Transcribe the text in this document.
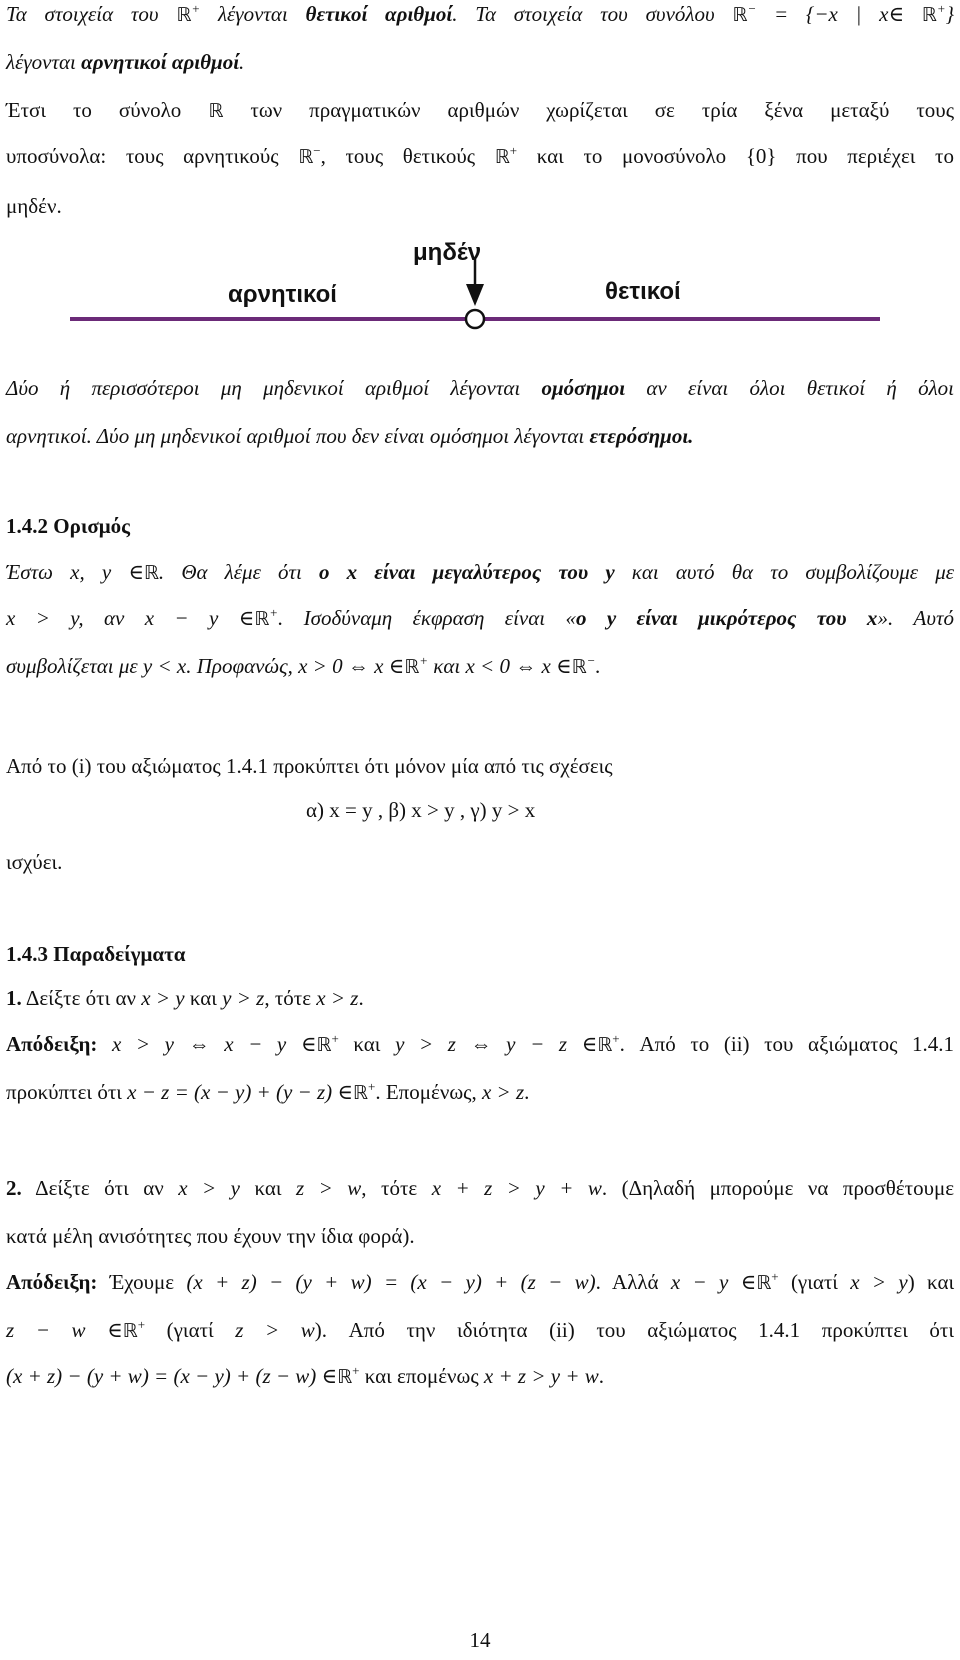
Τα στοιχεία του ℝ+ λέγονται θετικοί αριθμοί. Τα στοιχεία του συνόλου ℝ− = {−x | x∈ ℝ+}
λέγονται αρνητικοί αριθμοί.
Έτσι το σύνολο ℝ των πραγματικών αριθμών χωρίζεται σε τρία ξένα μεταξύ τους
υποσύνολα: τους αρνητικούς ℝ−, τους θετικούς ℝ+ και το μονοσύνολο {0} που περιέχει το
μηδέν.
μηδέν
αρνητικοί	θετικοί
Δύο ή περισσότεροι μη μηδενικοί αριθμοί λέγονται ομόσημοι αν είναι όλοι θετικοί ή όλοι
αρνητικοί. Δύο μη μηδενικοί αριθμοί που δεν είναι ομόσημοι λέγονται ετερόσημοι.
1.4.2 Ορισμός
Έστω x, y ∈ℝ. Θα λέμε ότι ο x είναι μεγαλύτερος του y και αυτό θα το συμβολίζουμε με
x > y, αν x − y ∈ℝ+. Ισοδύναμη έκφραση είναι «ο y είναι μικρότερος του x». Αυτό
συμβολίζεται με y < x. Προφανώς, x > 0 ⇔ x ∈ℝ+ και x < 0 ⇔ x ∈ℝ−.
Από το (i) του αξιώματος 1.4.1 προκύπτει ότι μόνον μία από τις σχέσεις
α) x = y , β) x > y , γ) y > x
ισχύει.
1.4.3 Παραδείγματα
1. Δείξτε ότι αν x > y και y > z, τότε x > z.
Απόδειξη: x > y ⇔ x − y ∈ℝ+ και y > z ⇔ y − z ∈ℝ+. Από το (ii) του αξιώματος 1.4.1
προκύπτει ότι x − z = (x − y) + (y − z) ∈ℝ+. Επομένως, x > z.
2. Δείξτε ότι αν x > y και z > w, τότε x + z > y + w. (Δηλαδή μπορούμε να προσθέτουμε
κατά μέλη ανισότητες που έχουν την ίδια φορά).
Απόδειξη: Έχουμε (x + z) − (y + w) = (x − y) + (z − w). Αλλά x − y ∈ℝ+ (γιατί x > y) και
z − w ∈ℝ+ (γιατί z > w). Από την ιδιότητα (ii) του αξιώματος 1.4.1 προκύπτει ότι
(x + z) − (y + w) = (x − y) + (z − w) ∈ℝ+ και επομένως x + z > y + w.
14
